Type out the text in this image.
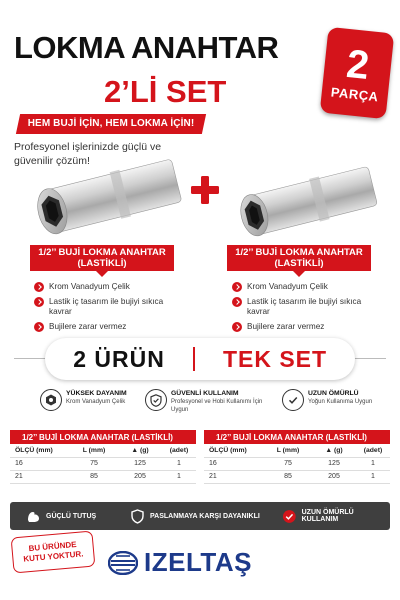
LOKMA ANAHTAR
2’Lİ SET
2
PARÇA
HEM BUJİ İÇİN, HEM LOKMA İÇİN!
Profesyonel işlerinizde güçlü ve güvenilir çözüm!
1/2’’ BUJİ LOKMA ANAHTAR
(LASTİKLİ)
1/2’’ BUJİ LOKMA ANAHTAR
(LASTİKLİ)
Krom Vanadyum Çelik
Lastik iç tasarım ile bujiyi sıkıca kavrar
Bujilere zarar vermez
Krom Vanadyum Çelik
Lastik iç tasarım ile bujiyi sıkıca kavrar
Bujilere zarar vermez
2 ÜRÜN	TEK SET
YÜKSEK DAYANIM
Krom Vanadyum Çelik
GÜVENLİ KULLANIM
Profesyonel ve Hobi Kullanımı İçin Uygun
UZUN ÖMÜRLÜ
Yoğun Kullanıma Uygun
1/2’’ BUJİ LOKMA ANAHTAR (LASTİKLİ)			
ÖLÇÜ (mm)	L (mm)	▲ (g)	(adet)
16	75	125	1
21	85	205	1
1/2’’ BUJİ LOKMA ANAHTAR (LASTİKLİ)			
ÖLÇÜ (mm)	L (mm)	▲ (g)	(adet)
16	75	125	1
21	85	205	1
GÜÇLÜ TUTUŞ	PASLANMAYA KARŞI DAYANIKLI	UZUN ÖMÜRLÜ KULLANIM
BU ÜRÜNDE
KUTU YOKTUR. IZELTAŞ
